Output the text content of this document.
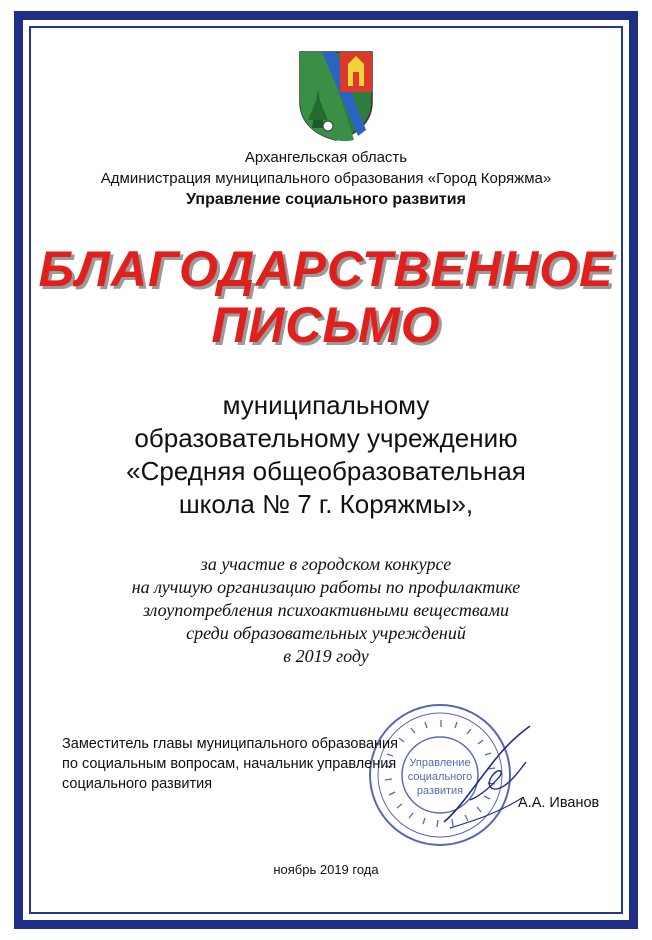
Архангельская область
Администрация муниципального образования «Город Коряжма»
Управление социального развития
БЛАГОДАРСТВЕННОЕ
ПИСЬМО
муниципальному
образовательному учреждению
«Средняя общеобразовательная
школа № 7 г. Коряжмы»,
за участие в городском конкурсе
на лучшую организацию работы по профилактике
злоупотребления психоактивными веществами
среди образовательных учреждений
в 2019 году
Управление
социального
развития
Заместитель главы муниципального образования
по социальным вопросам, начальник управления
социального развития
А.А. Иванов
ноябрь 2019 года
